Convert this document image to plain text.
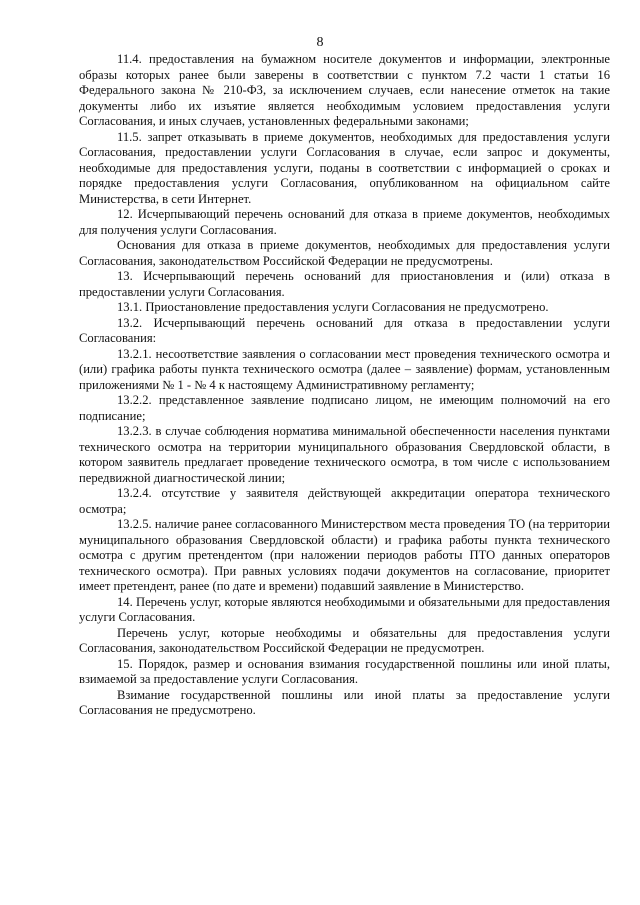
8

11.4. предоставления на бумажном носителе документов и информации, электронные образы которых ранее были заверены в соответствии с пунктом 7.2 части 1 статьи 16 Федерального закона № 210-ФЗ, за исключением случаев, если нанесение отметок на такие документы либо их изъятие является необходимым условием предоставления услуги Согласования, и иных случаев, установленных федеральными законами;

11.5. запрет отказывать в приеме документов, необходимых для предоставления услуги Согласования, предоставлении услуги Согласования в случае, если запрос и документы, необходимые для предоставления услуги, поданы в соответствии с информацией о сроках и порядке предоставления услуги Согласования, опубликованном на официальном сайте Министерства, в сети Интернет.

12. Исчерпывающий перечень оснований для отказа в приеме документов, необходимых для получения услуги Согласования.

Основания для отказа в приеме документов, необходимых для предоставления услуги Согласования, законодательством Российской Федерации не предусмотрены.

13. Исчерпывающий перечень оснований для приостановления и (или) отказа в предоставлении услуги Согласования.

13.1. Приостановление предоставления услуги Согласования не предусмотрено.

13.2. Исчерпывающий перечень оснований для отказа в предоставлении услуги Согласования:

13.2.1. несоответствие заявления о согласовании мест проведения технического осмотра и (или) графика работы пункта технического осмотра (далее – заявление) формам, установленным приложениями № 1 - № 4 к настоящему Административному регламенту;

13.2.2. представленное заявление подписано лицом, не имеющим полномочий на его подписание;

13.2.3. в случае соблюдения норматива минимальной обеспеченности населения пунктами технического осмотра на территории муниципального образования Свердловской области, в котором заявитель предлагает проведение технического осмотра, в том числе с использованием передвижной диагностической линии;

13.2.4. отсутствие у заявителя действующей аккредитации оператора технического осмотра;

13.2.5. наличие ранее согласованного Министерством места проведения ТО (на территории муниципального образования Свердловской области) и графика работы пункта технического осмотра с другим претендентом (при наложении периодов работы ПТО данных операторов технического осмотра). При равных условиях подачи документов на согласование, приоритет имеет претендент, ранее (по дате и времени) подавший заявление в Министерство.

14. Перечень услуг, которые являются необходимыми и обязательными для предоставления услуги Согласования.

Перечень услуг, которые необходимы и обязательны для предоставления услуги Согласования, законодательством Российской Федерации не предусмотрен.

15. Порядок, размер и основания взимания государственной пошлины или иной платы, взимаемой за предоставление услуги Согласования.

Взимание государственной пошлины или иной платы за предоставление услуги Согласования не предусмотрено.
